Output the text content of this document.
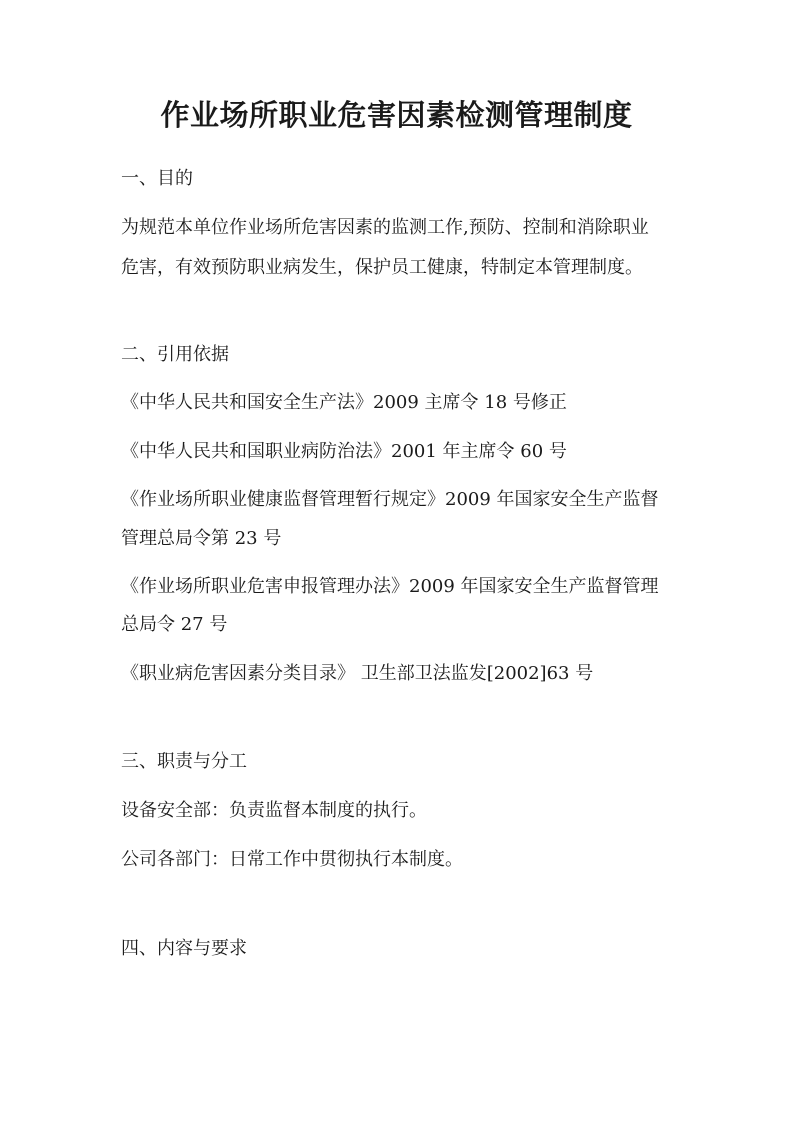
作业场所职业危害因素检测管理制度
一、目的
为规范本单位作业场所危害因素的监测工作,预防、控制和消除职业
危害，有效预防职业病发生，保护员工健康，特制定本管理制度。
二、引用依据
《中华人民共和国安全生产法》2009 主席令 18 号修正
《中华人民共和国职业病防治法》2001 年主席令 60 号
《作业场所职业健康监督管理暂行规定》2009 年国家安全生产监督
管理总局令第 23 号
《作业场所职业危害申报管理办法》2009 年国家安全生产监督管理
总局令 27 号
《职业病危害因素分类目录》 卫生部卫法监发[2002]63 号
三、职责与分工
设备安全部：负责监督本制度的执行。
公司各部门：日常工作中贯彻执行本制度。
四、内容与要求
